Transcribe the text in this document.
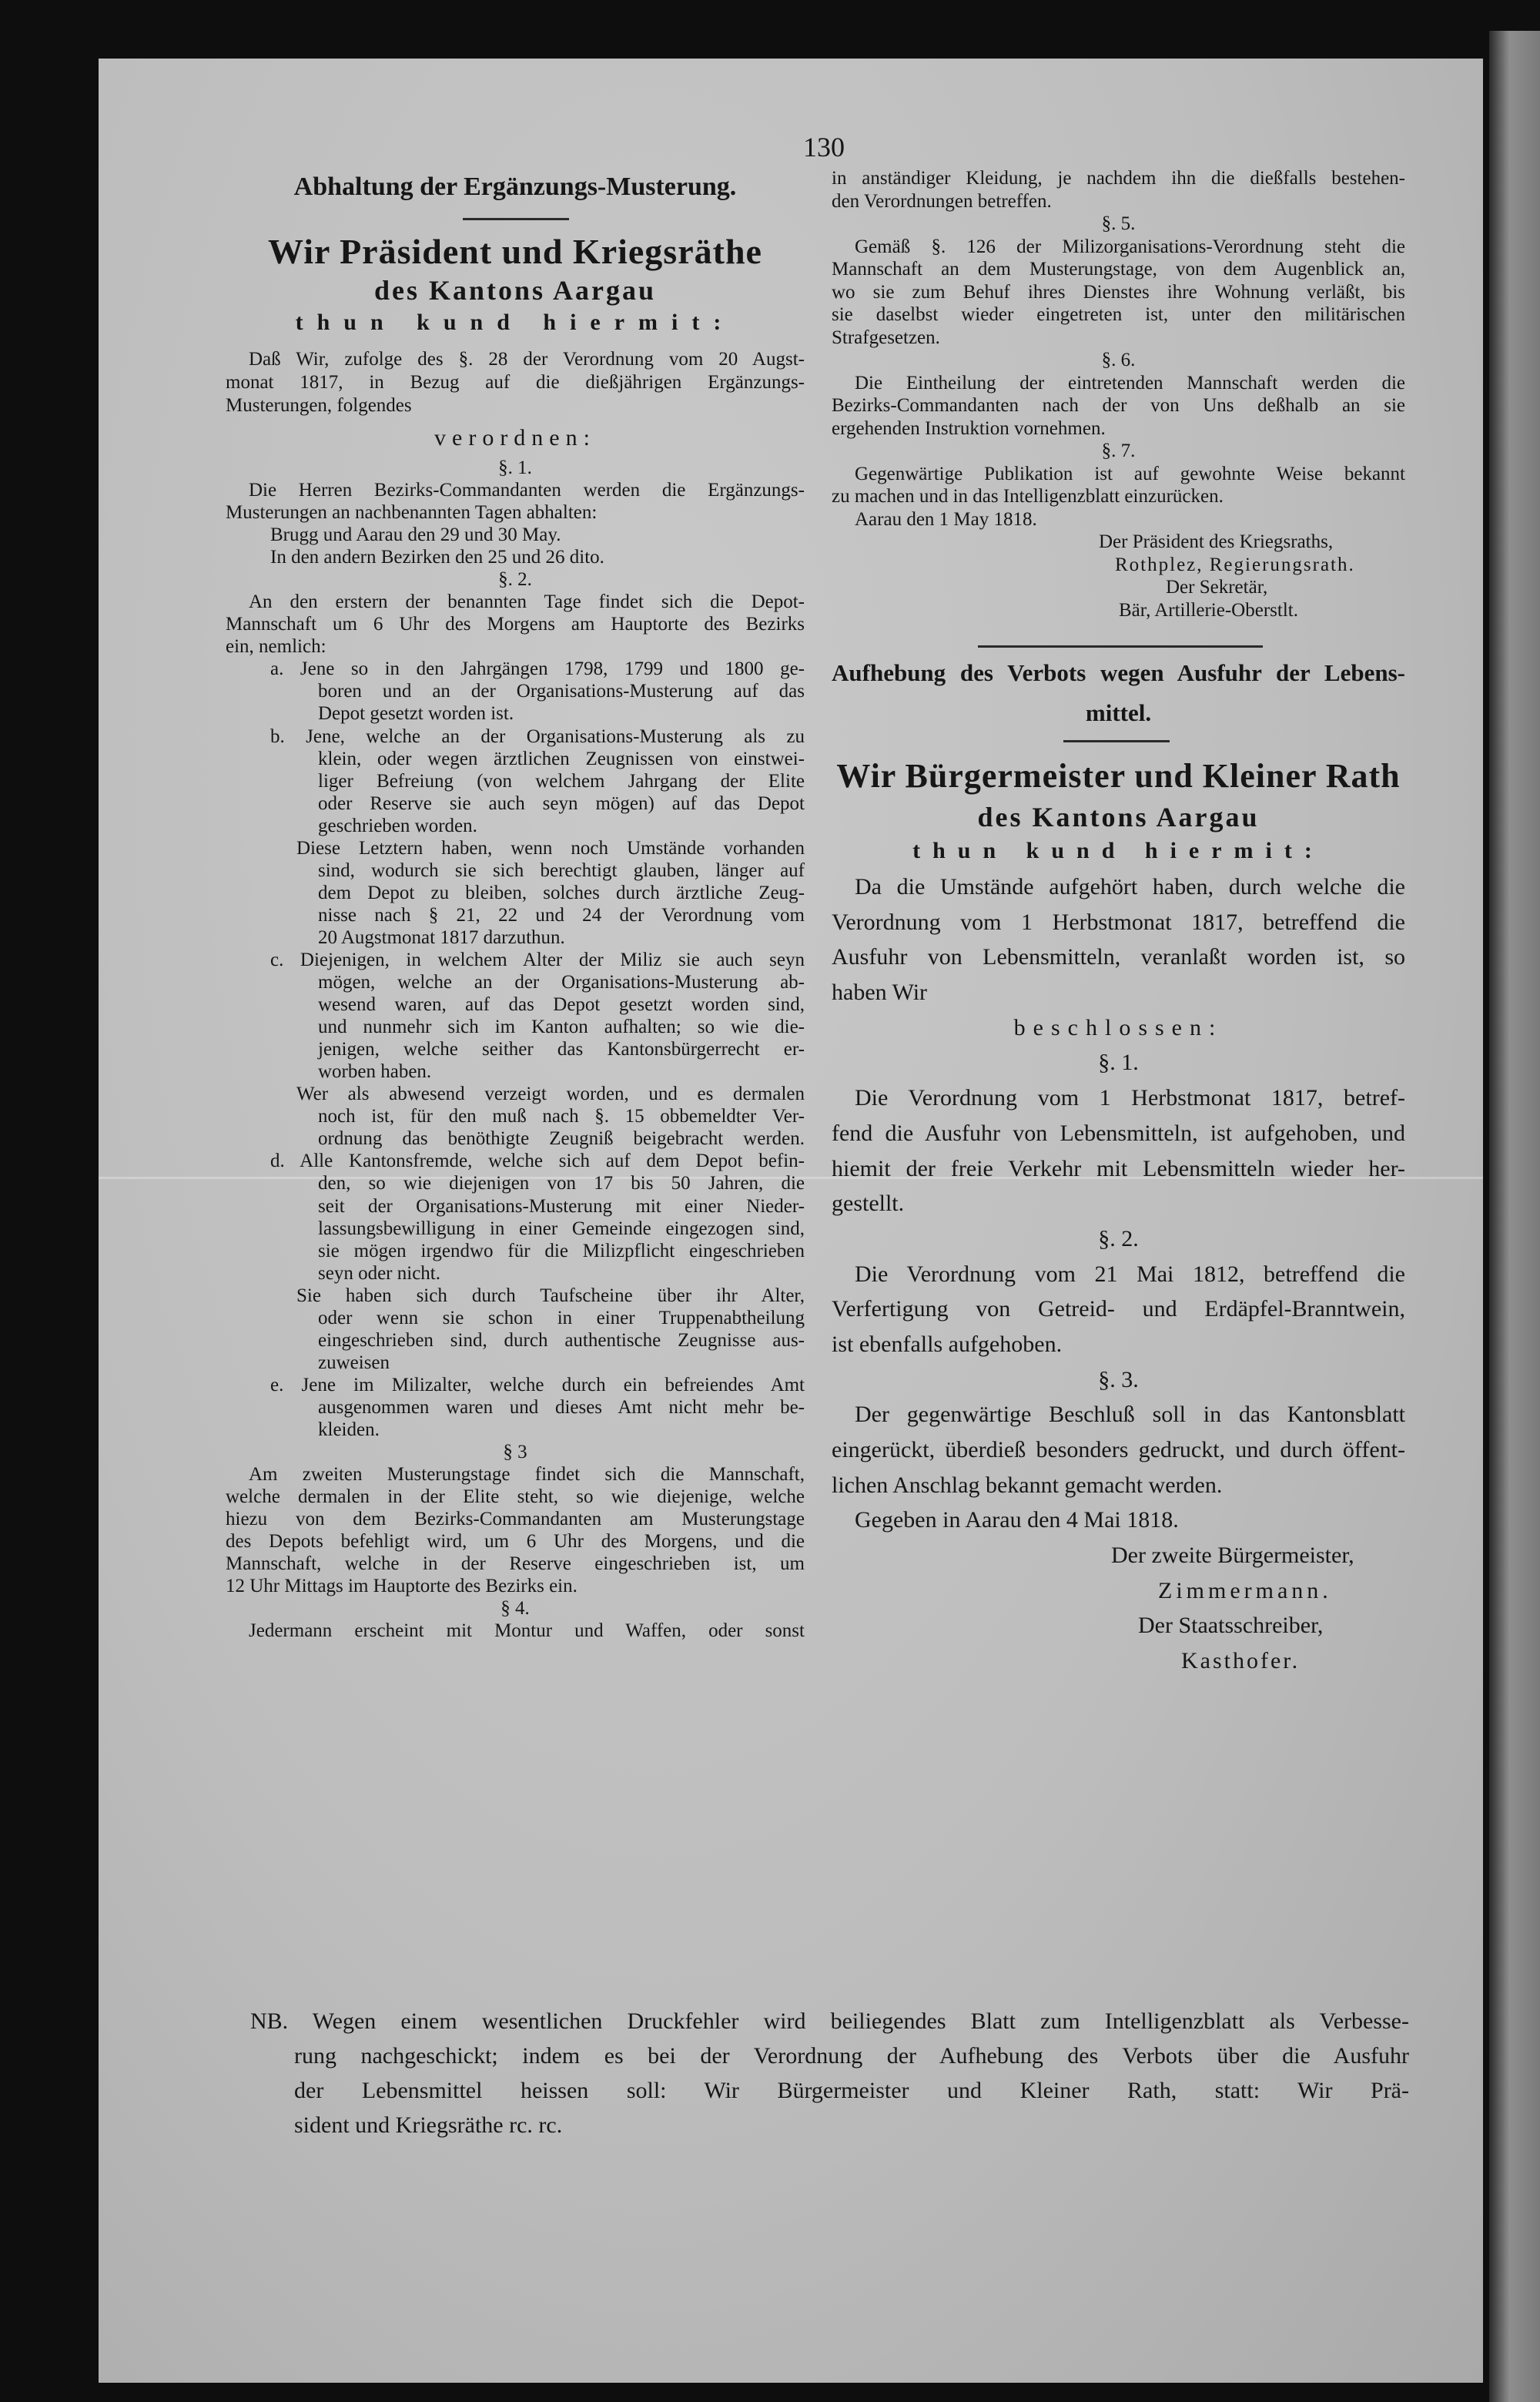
130
Abhaltung der Ergänzungs-Musterung.
Wir Präsident und Kriegsräthe
des Kantons Aargau
thun kund hiermit:
Daß Wir, zufolge des §. 28 der Verordnung vom 20 Augst-
monat 1817, in Bezug auf die dießjährigen Ergänzungs-
Musterungen, folgendes
verordnen:
§. 1.
Die Herren Bezirks-Commandanten werden die Ergänzungs-
Musterungen an nachbenannten Tagen abhalten:
Brugg und Aarau den 29 und 30 May.
In den andern Bezirken den 25 und 26 dito.
§. 2.
An den erstern der benannten Tage findet sich die Depot-
Mannschaft um 6 Uhr des Morgens am Hauptorte des Bezirks
ein, nemlich:
a. Jene so in den Jahrgängen 1798, 1799 und 1800 ge-
boren und an der Organisations-Musterung auf das
Depot gesetzt worden ist.
b. Jene, welche an der Organisations-Musterung als zu
klein, oder wegen ärztlichen Zeugnissen von einstwei-
liger Befreiung (von welchem Jahrgang der Elite
oder Reserve sie auch seyn mögen) auf das Depot
geschrieben worden.
Diese Letztern haben, wenn noch Umstände vorhanden
sind, wodurch sie sich berechtigt glauben, länger auf
dem Depot zu bleiben, solches durch ärztliche Zeug-
nisse nach § 21, 22 und 24 der Verordnung vom
20 Augstmonat 1817 darzuthun.
c. Diejenigen, in welchem Alter der Miliz sie auch seyn
mögen, welche an der Organisations-Musterung ab-
wesend waren, auf das Depot gesetzt worden sind,
und nunmehr sich im Kanton aufhalten; so wie die-
jenigen, welche seither das Kantonsbürgerrecht er-
worben haben.
Wer als abwesend verzeigt worden, und es dermalen
noch ist, für den muß nach §. 15 obbemeldter Ver-
ordnung das benöthigte Zeugniß beigebracht werden.
d. Alle Kantonsfremde, welche sich auf dem Depot befin-
den, so wie diejenigen von 17 bis 50 Jahren, die
seit der Organisations-Musterung mit einer Nieder-
lassungsbewilligung in einer Gemeinde eingezogen sind,
sie mögen irgendwo für die Milizpflicht eingeschrieben
seyn oder nicht.
Sie haben sich durch Taufscheine über ihr Alter,
oder wenn sie schon in einer Truppenabtheilung
eingeschrieben sind, durch authentische Zeugnisse aus-
zuweisen
e. Jene im Milizalter, welche durch ein befreiendes Amt
ausgenommen waren und dieses Amt nicht mehr be-
kleiden.
§ 3
Am zweiten Musterungstage findet sich die Mannschaft,
welche dermalen in der Elite steht, so wie diejenige, welche
hiezu von dem Bezirks-Commandanten am Musterungstage
des Depots befehligt wird, um 6 Uhr des Morgens, und die
Mannschaft, welche in der Reserve eingeschrieben ist, um
12 Uhr Mittags im Hauptorte des Bezirks ein.
§ 4.
Jedermann erscheint mit Montur und Waffen, oder sonst
in anständiger Kleidung, je nachdem ihn die dießfalls bestehen-
den Verordnungen betreffen.
§. 5.
Gemäß §. 126 der Milizorganisations-Verordnung steht die
Mannschaft an dem Musterungstage, von dem Augenblick an,
wo sie zum Behuf ihres Dienstes ihre Wohnung verläßt, bis
sie daselbst wieder eingetreten ist, unter den militärischen
Strafgesetzen.
§. 6.
Die Eintheilung der eintretenden Mannschaft werden die
Bezirks-Commandanten nach der von Uns deßhalb an sie
ergehenden Instruktion vornehmen.
§. 7.
Gegenwärtige Publikation ist auf gewohnte Weise bekannt
zu machen und in das Intelligenzblatt einzurücken.
Aarau den 1 May 1818.
Der Präsident des Kriegsraths,
Rothplez, Regierungsrath.
Der Sekretär,
Bär, Artillerie-Oberstlt.
Aufhebung des Verbots wegen Ausfuhr der Lebens-
mittel.
Wir Bürgermeister und Kleiner Rath
des Kantons Aargau
thun kund hiermit:
Da die Umstände aufgehört haben, durch welche die
Verordnung vom 1 Herbstmonat 1817, betreffend die
Ausfuhr von Lebensmitteln, veranlaßt worden ist, so
haben Wir
beschlossen:
§. 1.
Die Verordnung vom 1 Herbstmonat 1817, betref-
fend die Ausfuhr von Lebensmitteln, ist aufgehoben, und
hiemit der freie Verkehr mit Lebensmitteln wieder her-
gestellt.
§. 2.
Die Verordnung vom 21 Mai 1812, betreffend die
Verfertigung von Getreid- und Erdäpfel-Branntwein,
ist ebenfalls aufgehoben.
§. 3.
Der gegenwärtige Beschluß soll in das Kantonsblatt
eingerückt, überdieß besonders gedruckt, und durch öffent-
lichen Anschlag bekannt gemacht werden.
Gegeben in Aarau den 4 Mai 1818.
Der zweite Bürgermeister,
Zimmermann.
Der Staatsschreiber,
Kasthofer.
NB. Wegen einem wesentlichen Druckfehler wird beiliegendes Blatt zum Intelligenzblatt als Verbesse-
rung nachgeschickt; indem es bei der Verordnung der Aufhebung des Verbots über die Ausfuhr
der Lebensmittel heissen soll: Wir Bürgermeister und Kleiner Rath, statt: Wir Prä-
sident und Kriegsräthe rc. rc.
